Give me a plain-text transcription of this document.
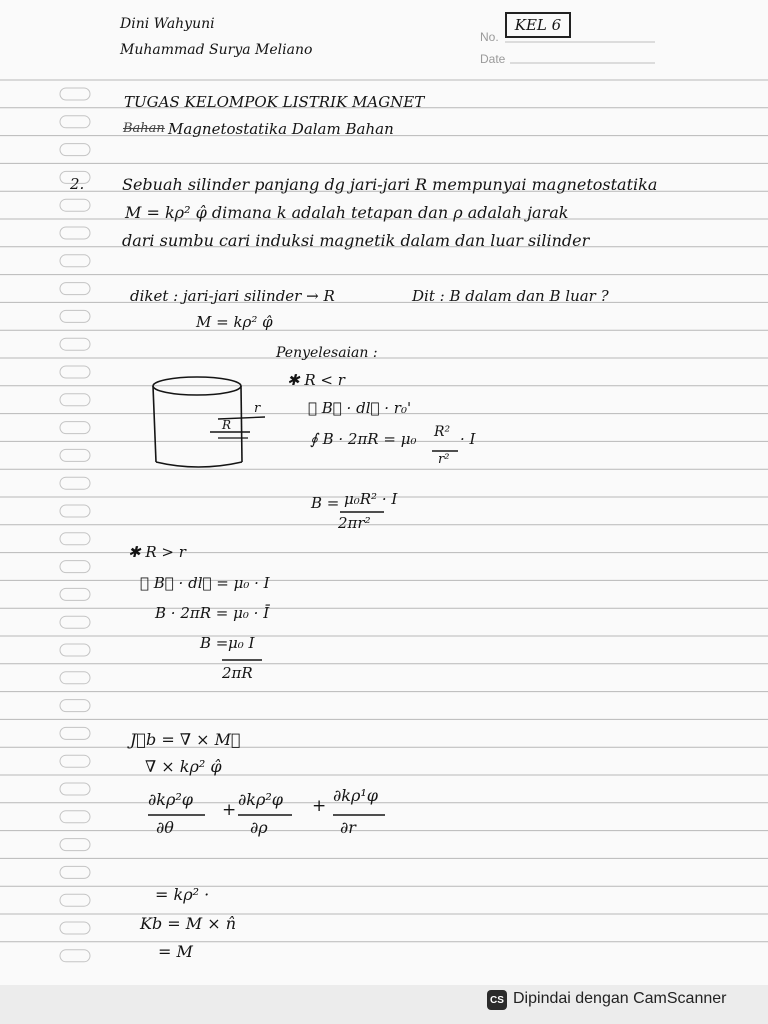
Dini Wahyuni
Muhammad Surya Meliano
No.
KEL 6
Date
TUGAS KELOMPOK LISTRIK MAGNET
Bahan Magnetostatika Dalam Bahan
2. Sebuah silinder panjang dg jari-jari R mempunyai magnetostatika
M = kρ² φ̂ dimana k adalah tetapan dan ρ adalah jarak
dari sumbu cari induksi magnetik dalam dan luar silinder
diket : jari-jari silinder → R
M = kρ² φ̂
Dit : B dalam dan B luar ?
Penyelesaian :
✱ R < r
∮ B⃗ · dl⃗ · r₀'
∮ B · 2πR = μ₀ R² · I
r²
B = μ₀R² · I
2πr²
✱ R > r
∮ B⃗ · dl⃗ = μ₀ · I
B · 2πR = μ₀ · Ī
B = μ₀ I
2πR
J⃗b = ∇̄ × M⃗
∇̄ × kρ² φ̂
∂kρ²φ
∂θ
+
∂kρ²φ
∂ρ
+
∂kρ¹φ
∂r
= kρ² ·
Kb = M × n̂
= M
r
R
CS Dipindai dengan CamScanner
